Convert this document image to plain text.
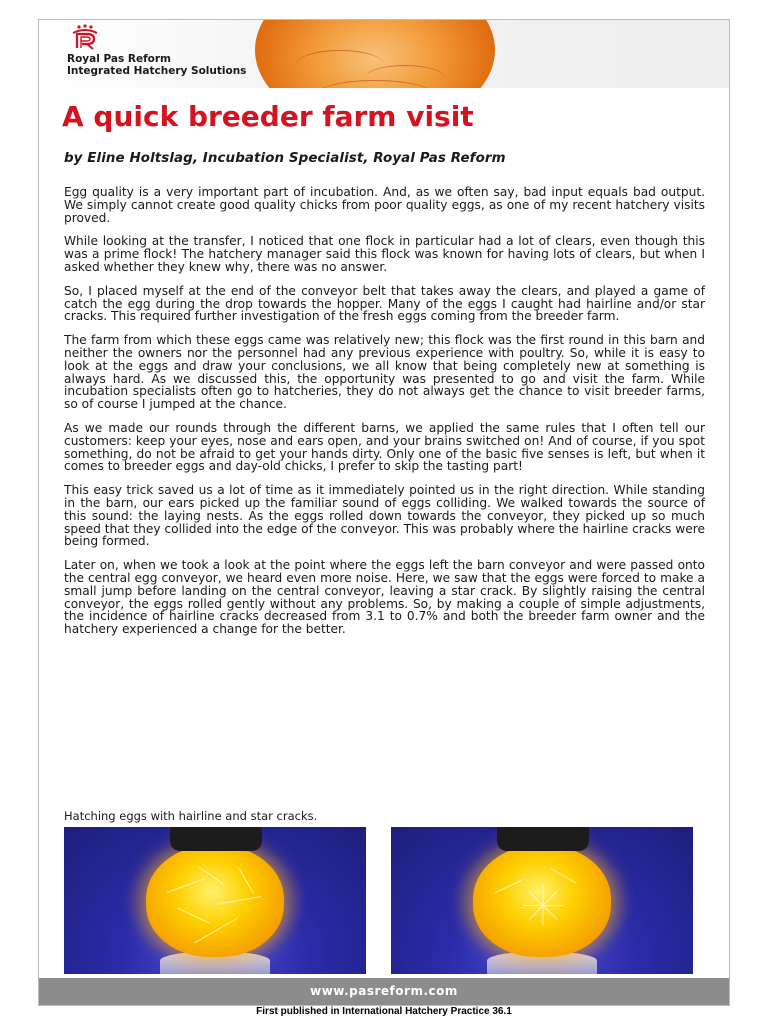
Royal Pas Reform
Integrated Hatchery Solutions
A quick breeder farm visit
by Eline Holtslag, Incubation Specialist, Royal Pas Reform

Egg quality is a very important part of incubation. And, as we often say, bad input equals bad output. We simply cannot create good quality chicks from poor quality eggs, as one of my recent hatchery visits proved.

While looking at the transfer, I noticed that one flock in particular had a lot of clears, even though this was a prime flock! The hatchery manager said this flock was known for having lots of clears, but when I asked whether they knew why, there was no answer.

So, I placed myself at the end of the conveyor belt that takes away the clears, and played a game of catch the egg during the drop towards the hopper. Many of the eggs I caught had hairline and/or star cracks. This required further investigation of the fresh eggs coming from the breeder farm.

The farm from which these eggs came was relatively new; this flock was the first round in this barn and neither the owners nor the personnel had any previous experience with poultry. So, while it is easy to look at the eggs and draw your conclusions, we all know that being completely new at something is always hard. As we discussed this, the opportunity was presented to go and visit the farm. While incubation specialists often go to hatcheries, they do not always get the chance to visit breeder farms, so of course I jumped at the chance.

As we made our rounds through the different barns, we applied the same rules that I often tell our customers: keep your eyes, nose and ears open, and your brains switched on! And of course, if you spot something, do not be afraid to get your hands dirty. Only one of the basic five senses is left, but when it comes to breeder eggs and day-old chicks, I prefer to skip the tasting part!

This easy trick saved us a lot of time as it immediately pointed us in the right direction. While standing in the barn, our ears picked up the familiar sound of eggs colliding. We walked towards the source of this sound: the laying nests. As the eggs rolled down towards the conveyor, they picked up so much speed that they collided into the edge of the conveyor. This was probably where the hairline cracks were being formed.

Later on, when we took a look at the point where the eggs left the barn conveyor and were passed onto the central egg conveyor, we heard even more noise. Here, we saw that the eggs were forced to make a small jump before landing on the central conveyor, leaving a star crack. By slightly raising the central conveyor, the eggs rolled gently without any problems. So, by making a couple of simple adjustments, the incidence of hairline cracks decreased from 3.1 to 0.7% and both the breeder farm owner and the hatchery experienced a change for the better.

Hatching eggs with hairline and star cracks.
www.pasreform.com
First published in International Hatchery Practice 36.1
